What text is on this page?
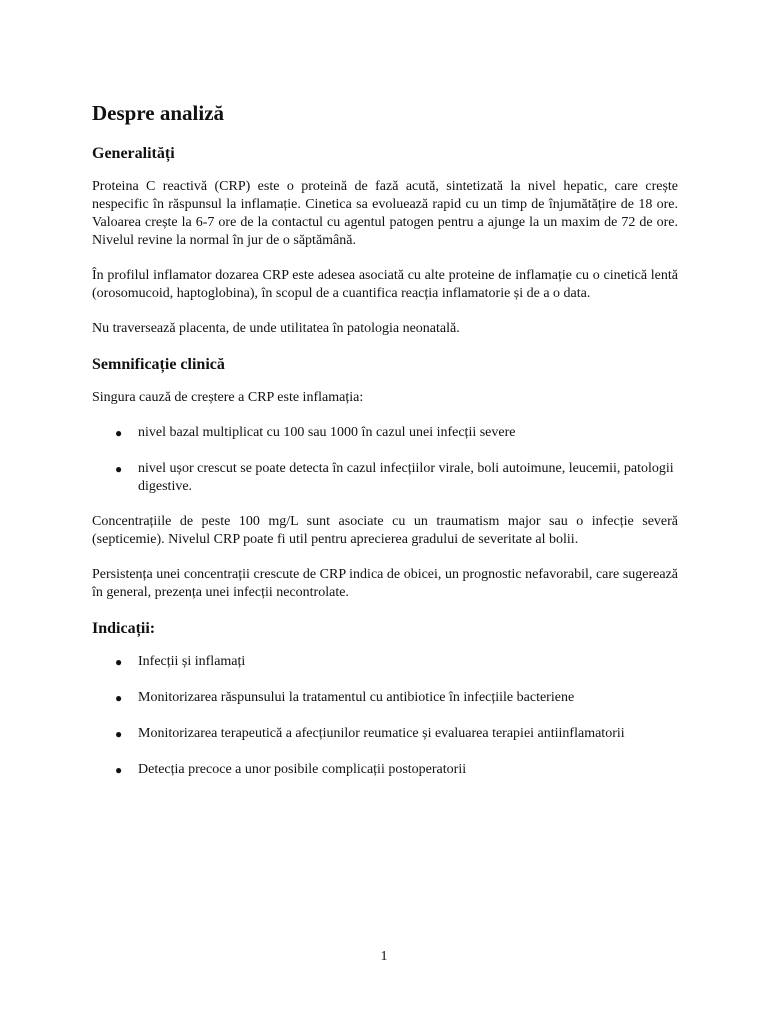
Despre analiză
Generalități

Proteina C reactivă (CRP) este o proteină de fază acută, sintetizată la nivel hepatic, care crește nespecific în răspunsul la inflamație. Cinetica sa evoluează rapid cu un timp de înjumătățire de 18 ore. Valoarea crește la 6-7 ore de la contactul cu agentul patogen pentru a ajunge la un maxim de 72 de ore. Nivelul revine la normal în jur de o săptămână.

În profilul inflamator dozarea CRP este adesea asociată cu alte proteine de inflamație cu o cinetică lentă (orosomucoid, haptoglobina), în scopul de a cuantifica reacția inflamatorie și de a o data.

Nu traversează placenta, de unde utilitatea în patologia neonatală.

Semnificație clinică

Singura cauză de creștere a CRP este inflamația:

● nivel bazal multiplicat cu 100 sau 1000 în cazul unei infecții severe
● nivel ușor crescut se poate detecta în cazul infecțiilor virale, boli autoimune, leucemii, patologii digestive.

Concentrațiile de peste 100 mg/L sunt asociate cu un traumatism major sau o infecție severă (septicemie). Nivelul CRP poate fi util pentru aprecierea gradului de severitate al bolii.

Persistența unei concentrații crescute de CRP indica de obicei, un prognostic nefavorabil, care sugerează în general, prezența unei infecții necontrolate.

Indicații:
● Infecții și inflamați
● Monitorizarea răspunsului la tratamentul cu antibiotice în infecțiile bacteriene
● Monitorizarea terapeutică a afecțiunilor reumatice și evaluarea terapiei antiinflamatorii
● Detecția precoce a unor posibile complicații postoperatorii
1
